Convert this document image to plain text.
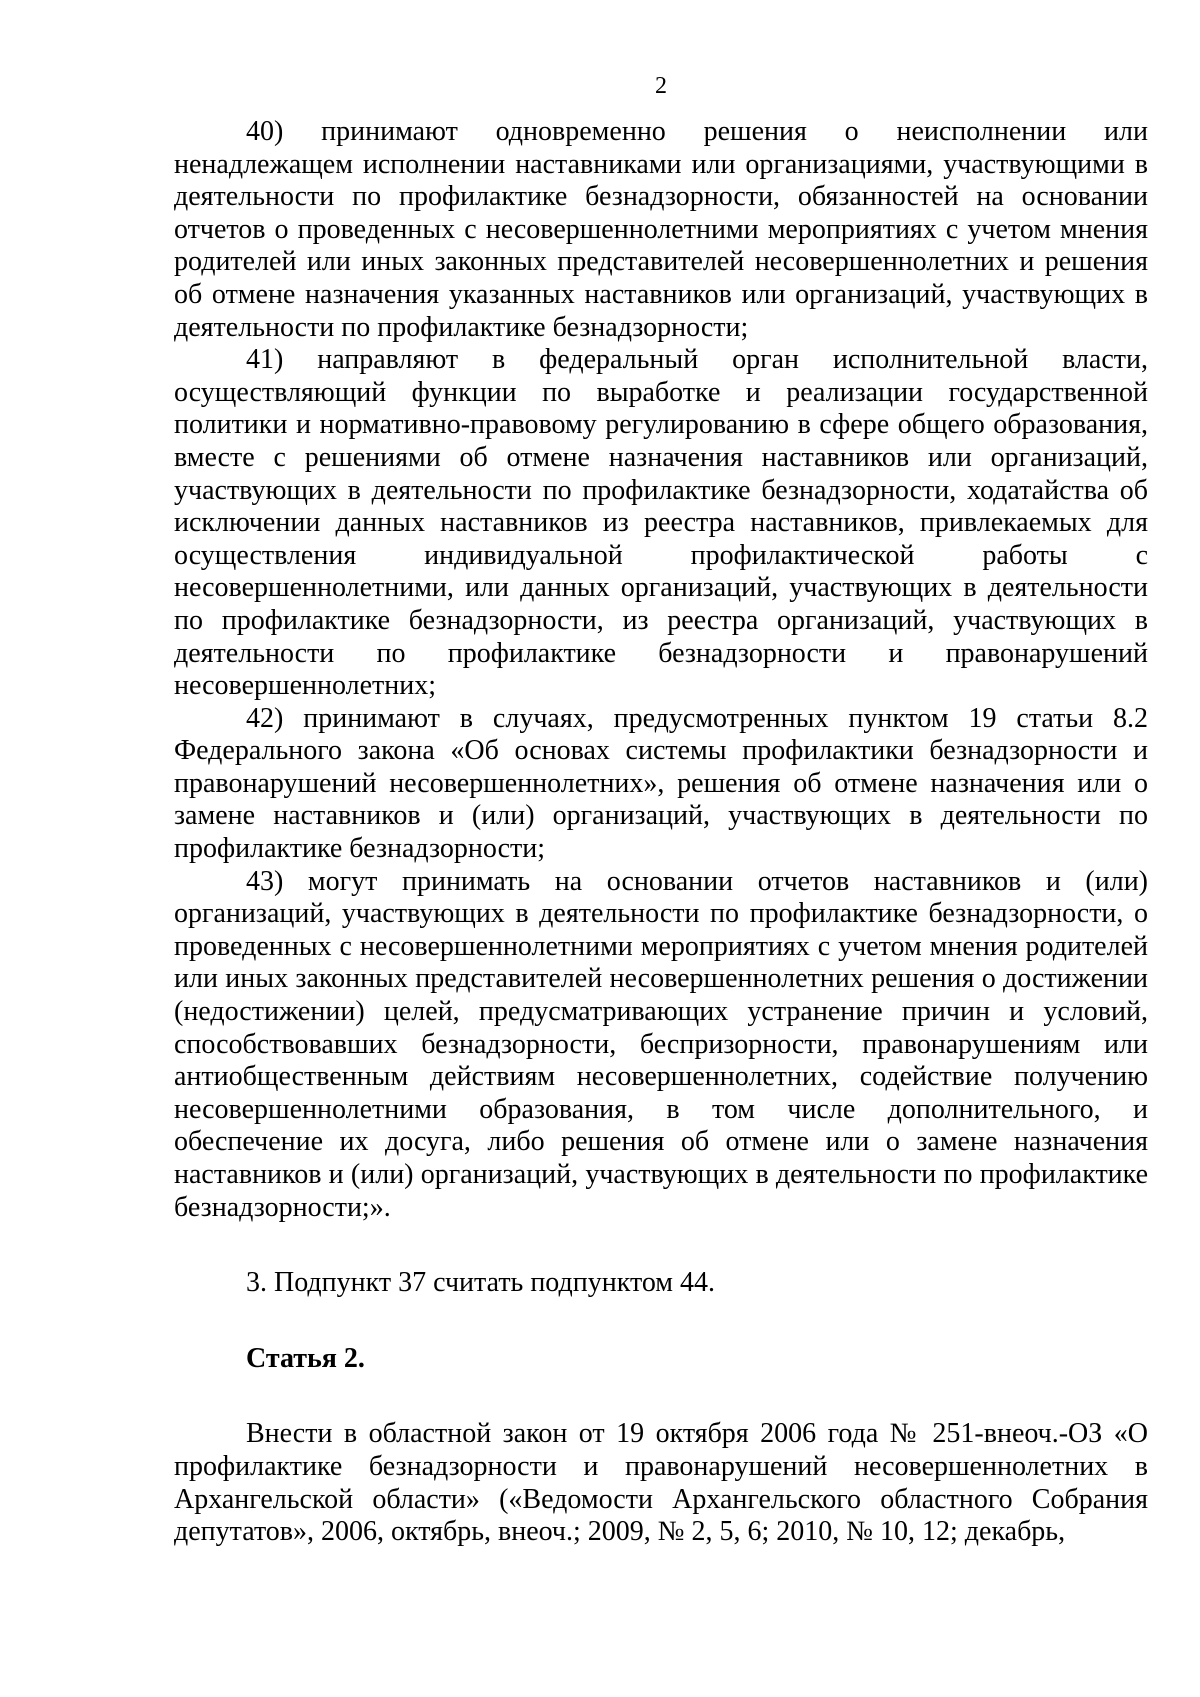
2

40) принимают одновременно решения о неисполнении или ненадлежащем исполнении наставниками или организациями, участвующими в деятельности по профилактике безнадзорности, обязанностей на основании отчетов о проведенных с несовершеннолетними мероприятиях с учетом мнения родителей или иных законных представителей несовершеннолетних и решения об отмене назначения указанных наставников или организаций, участвующих в деятельности по профилактике безнадзорности;

41) направляют в федеральный орган исполнительной власти, осуществляющий функции по выработке и реализации государственной политики и нормативно-правовому регулированию в сфере общего образования, вместе с решениями об отмене назначения наставников или организаций, участвующих в деятельности по профилактике безнадзорности, ходатайства об исключении данных наставников из реестра наставников, привлекаемых для осуществления индивидуальной профилактической работы с несовершеннолетними, или данных организаций, участвующих в деятельности по профилактике безнадзорности, из реестра организаций, участвующих в деятельности по профилактике безнадзорности и правонарушений несовершеннолетних;

42) принимают в случаях, предусмотренных пунктом 19 статьи 8.2 Федерального закона «Об основах системы профилактики безнадзорности и правонарушений несовершеннолетних», решения об отмене назначения или о замене наставников и (или) организаций, участвующих в деятельности по профилактике безнадзорности;

43) могут принимать на основании отчетов наставников и (или) организаций, участвующих в деятельности по профилактике безнадзорности, о проведенных с несовершеннолетними мероприятиях с учетом мнения родителей или иных законных представителей несовершеннолетних решения о достижении (недостижении) целей, предусматривающих устранение причин и условий, способствовавших безнадзорности, беспризорности, правонарушениям или антиобщественным действиям несовершеннолетних, содействие получению несовершеннолетними образования, в том числе дополнительного, и обеспечение их досуга, либо решения об отмене или о замене назначения наставников и (или) организаций, участвующих в деятельности по профилактике безнадзорности;».

3. Подпункт 37 считать подпунктом 44.

Статья 2.

Внести в областной закон от 19 октября 2006 года № 251-внеоч.-ОЗ «О профилактике безнадзорности и правонарушений несовершеннолетних в Архангельской области» («Ведомости Архангельского областного Собрания депутатов», 2006, октябрь, внеоч.; 2009, № 2, 5, 6; 2010, № 10, 12; декабрь,
